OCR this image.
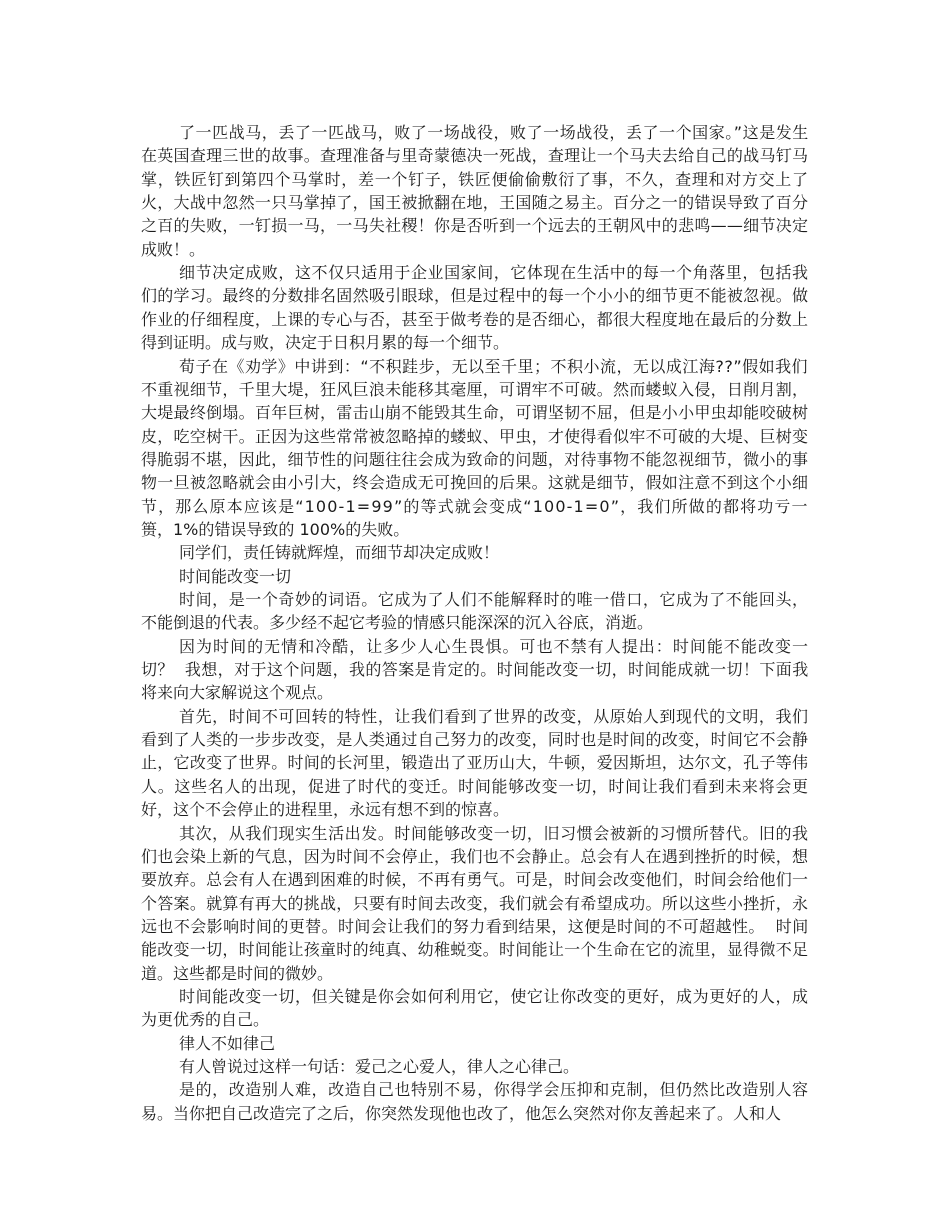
了一匹战马，丢了一匹战马，败了一场战役，败了一场战役，丢了一个国家。”这是发生
在英国查理三世的故事。查理准备与里奇蒙德决一死战，查理让一个马夫去给自己的战马钉马
掌，铁匠钉到第四个马掌时，差一个钉子，铁匠便偷偷敷衍了事，不久，查理和对方交上了
火，大战中忽然一只马掌掉了，国王被掀翻在地，王国随之易主。百分之一的错误导致了百分
之百的失败，一钉损一马，一马失社稷！你是否听到一个远去的王朝风中的悲鸣——细节决定
成败！。
细节决定成败，这不仅只适用于企业国家间，它体现在生活中的每一个角落里，包括我
们的学习。最终的分数排名固然吸引眼球，但是过程中的每一个小小的细节更不能被忽视。做
作业的仔细程度，上课的专心与否，甚至于做考卷的是否细心，都很大程度地在最后的分数上
得到证明。成与败，决定于日积月累的每一个细节。
荀子在《劝学》中讲到：“不积跬步，无以至千里；不积小流，无以成江海??”假如我们
不重视细节，千里大堤，狂风巨浪未能移其毫厘，可谓牢不可破。然而蝼蚁入侵，日削月割，
大堤最终倒塌。百年巨树，雷击山崩不能毁其生命，可谓坚韧不屈，但是小小甲虫却能咬破树
皮，吃空树干。正因为这些常常被忽略掉的蝼蚁、甲虫，才使得看似牢不可破的大堤、巨树变
得脆弱不堪，因此，细节性的问题往往会成为致命的问题，对待事物不能忽视细节，微小的事
物一旦被忽略就会由小引大，终会造成无可挽回的后果。这就是细节，假如注意不到这个小细
节，那么原本应该是“100-1=99”的等式就会变成“100-1=0”，我们所做的都将功亏一
篑，1%的错误导致的 100%的失败。
同学们，责任铸就辉煌，而细节却决定成败！
时间能改变一切
时间，是一个奇妙的词语。它成为了人们不能解释时的唯一借口，它成为了不能回头，
不能倒退的代表。多少经不起它考验的情感只能深深的沉入谷底，消逝。
因为时间的无情和冷酷，让多少人心生畏惧。可也不禁有人提出：时间能不能改变一
切？  我想，对于这个问题，我的答案是肯定的。时间能改变一切，时间能成就一切！下面我
将来向大家解说这个观点。
首先，时间不可回转的特性，让我们看到了世界的改变，从原始人到现代的文明，我们
看到了人类的一步步改变，是人类通过自己努力的改变，同时也是时间的改变，时间它不会静
止，它改变了世界。时间的长河里，锻造出了亚历山大，牛顿，爱因斯坦，达尔文，孔子等伟
人。这些名人的出现，促进了时代的变迁。时间能够改变一切，时间让我们看到未来将会更
好，这个不会停止的进程里，永远有想不到的惊喜。
其次，从我们现实生活出发。时间能够改变一切，旧习惯会被新的习惯所替代。旧的我
们也会染上新的气息，因为时间不会停止，我们也不会静止。总会有人在遇到挫折的时候，想
要放弃。总会有人在遇到困难的时候，不再有勇气。可是，时间会改变他们，时间会给他们一
个答案。就算有再大的挑战，只要有时间去改变，我们就会有希望成功。所以这些小挫折，永
远也不会影响时间的更替。时间会让我们的努力看到结果，这便是时间的不可超越性。  时间
能改变一切，时间能让孩童时的纯真、幼稚蜕变。时间能让一个生命在它的流里，显得微不足
道。这些都是时间的微妙。
时间能改变一切，但关键是你会如何利用它，使它让你改变的更好，成为更好的人，成
为更优秀的自己。
律人不如律己
有人曾说过这样一句话：爱己之心爱人，律人之心律己。
是的，改造别人难，改造自己也特别不易，你得学会压抑和克制，但仍然比改造别人容
易。当你把自己改造完了之后，你突然发现他也改了，他怎么突然对你友善起来了。人和人
